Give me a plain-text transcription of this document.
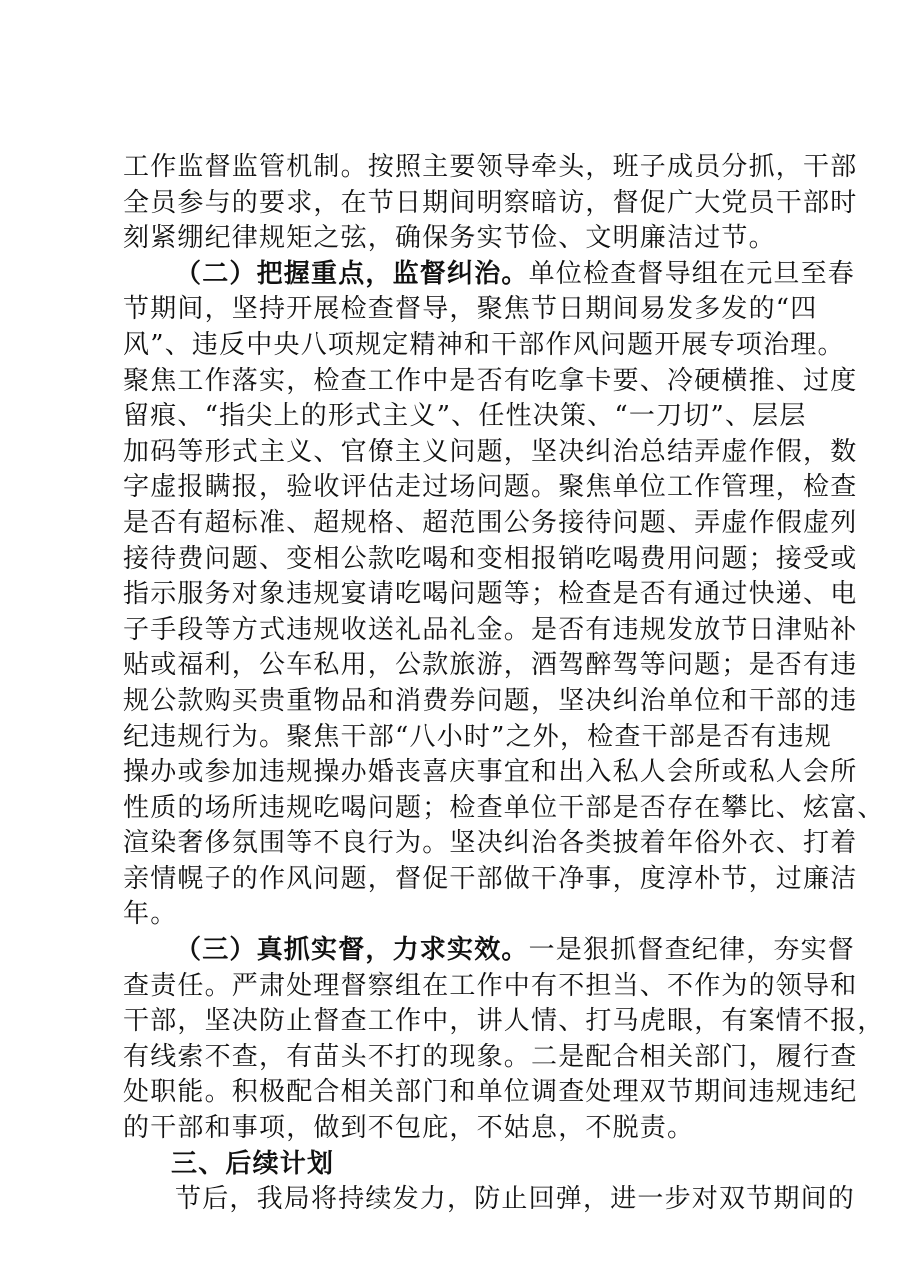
工作监督监管机制。按照主要领导牵头，班子成员分抓，干部
全员参与的要求，在节日期间明察暗访，督促广大党员干部时
刻紧绷纪律规矩之弦，确保务实节俭、文明廉洁过节。
（二）把握重点，监督纠治。单位检查督导组在元旦至春
节期间，坚持开展检查督导，聚焦节日期间易发多发的“四
风”、违反中央八项规定精神和干部作风问题开展专项治理。
聚焦工作落实，检查工作中是否有吃拿卡要、冷硬横推、过度
留痕、“指尖上的形式主义”、任性决策、“一刀切”、层层
加码等形式主义、官僚主义问题，坚决纠治总结弄虚作假，数
字虚报瞒报，验收评估走过场问题。聚焦单位工作管理，检查
是否有超标准、超规格、超范围公务接待问题、弄虚作假虚列
接待费问题、变相公款吃喝和变相报销吃喝费用问题；接受或
指示服务对象违规宴请吃喝问题等；检查是否有通过快递、电
子手段等方式违规收送礼品礼金。是否有违规发放节日津贴补
贴或福利，公车私用，公款旅游，酒驾醉驾等问题；是否有违
规公款购买贵重物品和消费券问题，坚决纠治单位和干部的违
纪违规行为。聚焦干部“八小时”之外，检查干部是否有违规
操办或参加违规操办婚丧喜庆事宜和出入私人会所或私人会所
性质的场所违规吃喝问题；检查单位干部是否存在攀比、炫富、
渲染奢侈氛围等不良行为。坚决纠治各类披着年俗外衣、打着
亲情幌子的作风问题，督促干部做干净事，度淳朴节，过廉洁
年。
（三）真抓实督，力求实效。一是狠抓督查纪律，夯实督
查责任。严肃处理督察组在工作中有不担当、不作为的领导和
干部，坚决防止督查工作中，讲人情、打马虎眼，有案情不报，
有线索不查，有苗头不打的现象。二是配合相关部门，履行查
处职能。积极配合相关部门和单位调查处理双节期间违规违纪
的干部和事项，做到不包庇，不姑息，不脱责。
三、后续计划
节后，我局将持续发力，防止回弹，进一步对双节期间的
